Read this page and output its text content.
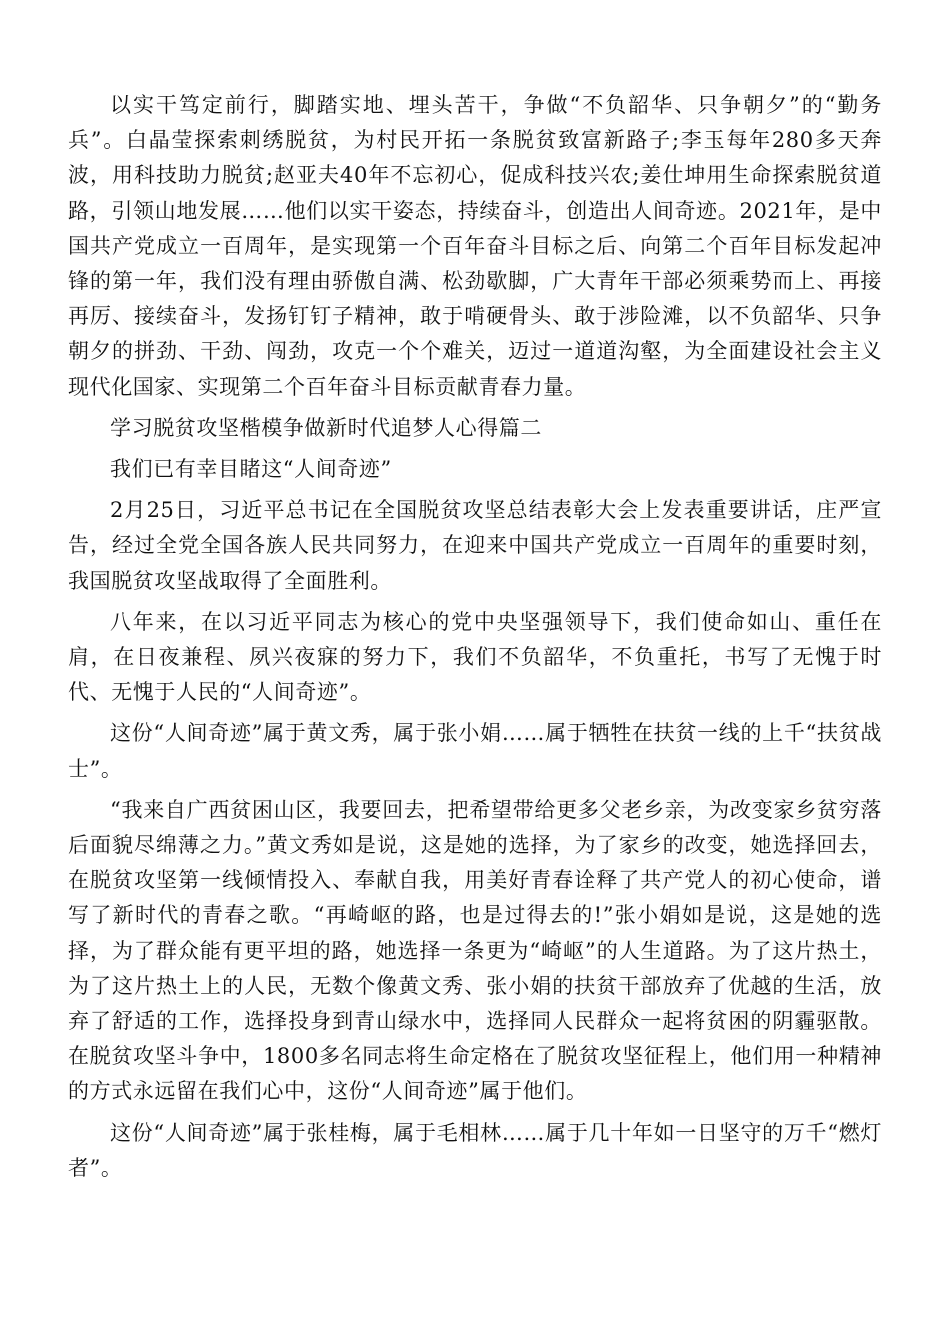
以实干笃定前行，脚踏实地、埋头苦干，争做“不负韶华、只争朝夕”的“勤务兵”。白晶莹探索刺绣脱贫，为村民开拓一条脱贫致富新路子;李玉每年280多天奔波，用科技助力脱贫;赵亚夫40年不忘初心，促成科技兴农;姜仕坤用生命探索脱贫道路，引领山地发展……他们以实干姿态，持续奋斗，创造出人间奇迹。2021年，是中国共产党成立一百周年，是实现第一个百年奋斗目标之后、向第二个百年目标发起冲锋的第一年，我们没有理由骄傲自满、松劲歇脚，广大青年干部必须乘势而上、再接再厉、接续奋斗，发扬钉钉子精神，敢于啃硬骨头、敢于涉险滩，以不负韶华、只争朝夕的拼劲、干劲、闯劲，攻克一个个难关，迈过一道道沟壑，为全面建设社会主义现代化国家、实现第二个百年奋斗目标贡献青春力量。

学习脱贫攻坚楷模争做新时代追梦人心得篇二

我们已有幸目睹这“人间奇迹”

2月25日，习近平总书记在全国脱贫攻坚总结表彰大会上发表重要讲话，庄严宣告，经过全党全国各族人民共同努力，在迎来中国共产党成立一百周年的重要时刻，我国脱贫攻坚战取得了全面胜利。

八年来，在以习近平同志为核心的党中央坚强领导下，我们使命如山、重任在肩，在日夜兼程、夙兴夜寐的努力下，我们不负韶华，不负重托，书写了无愧于时代、无愧于人民的“人间奇迹”。

这份“人间奇迹”属于黄文秀，属于张小娟……属于牺牲在扶贫一线的上千“扶贫战士”。

“我来自广西贫困山区，我要回去，把希望带给更多父老乡亲，为改变家乡贫穷落后面貌尽绵薄之力。”黄文秀如是说，这是她的选择，为了家乡的改变，她选择回去，在脱贫攻坚第一线倾情投入、奉献自我，用美好青春诠释了共产党人的初心使命，谱写了新时代的青春之歌。“再崎岖的路，也是过得去的!”张小娟如是说，这是她的选择，为了群众能有更平坦的路，她选择一条更为“崎岖”的人生道路。为了这片热土，为了这片热土上的人民，无数个像黄文秀、张小娟的扶贫干部放弃了优越的生活，放弃了舒适的工作，选择投身到青山绿水中，选择同人民群众一起将贫困的阴霾驱散。在脱贫攻坚斗争中，1800多名同志将生命定格在了脱贫攻坚征程上，他们用一种精神的方式永远留在我们心中，这份“人间奇迹”属于他们。

这份“人间奇迹”属于张桂梅，属于毛相林……属于几十年如一日坚守的万千“燃灯者”。
